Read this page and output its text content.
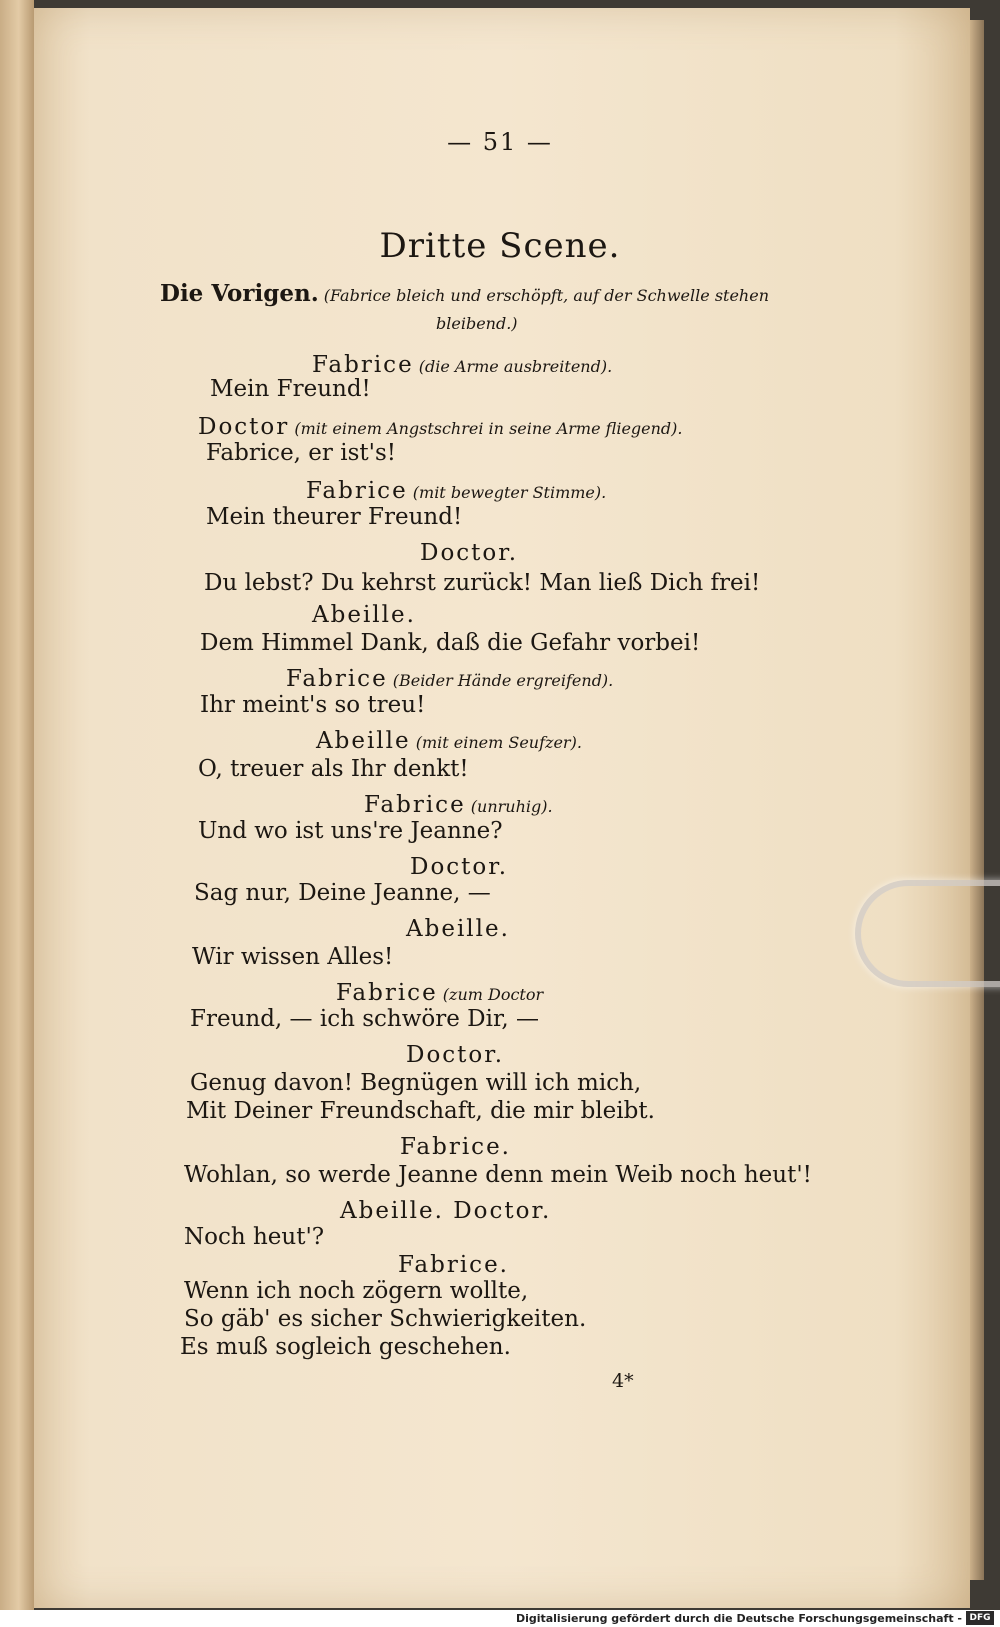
— 51 —
Dritte Scene.
Die Vorigen. (Fabrice bleich und erschöpft, auf der Schwelle stehen
bleibend.)
Fabrice (die Arme ausbreitend).
Mein Freund!
Doctor (mit einem Angstschrei in seine Arme fliegend).
Fabrice, er ist's!
Fabrice (mit bewegter Stimme).
Mein theurer Freund!
Doctor.
Du lebst? Du kehrst zurück! Man ließ Dich frei!
Abeille.
Dem Himmel Dank, daß die Gefahr vorbei!
Fabrice (Beider Hände ergreifend).
Ihr meint's so treu!
Abeille (mit einem Seufzer).
O, treuer als Ihr denkt!
Fabrice (unruhig).
Und wo ist uns're Jeanne?
Doctor.
Sag nur, Deine Jeanne, —
Abeille.
Wir wissen Alles!
Fabrice (zum Doctor
Freund, — ich schwöre Dir, —
Doctor.
Genug davon! Begnügen will ich mich,
Mit Deiner Freundschaft, die mir bleibt.
Fabrice.
Wohlan, so werde Jeanne denn mein Weib noch heut'!
Abeille. Doctor.
Noch heut'?
Fabrice.
Wenn ich noch zögern wollte,
So gäb' es sicher Schwierigkeiten.
Es muß sogleich geschehen.
4*
Digitalisierung gefördert durch die Deutsche Forschungsgemeinschaft - DFG
